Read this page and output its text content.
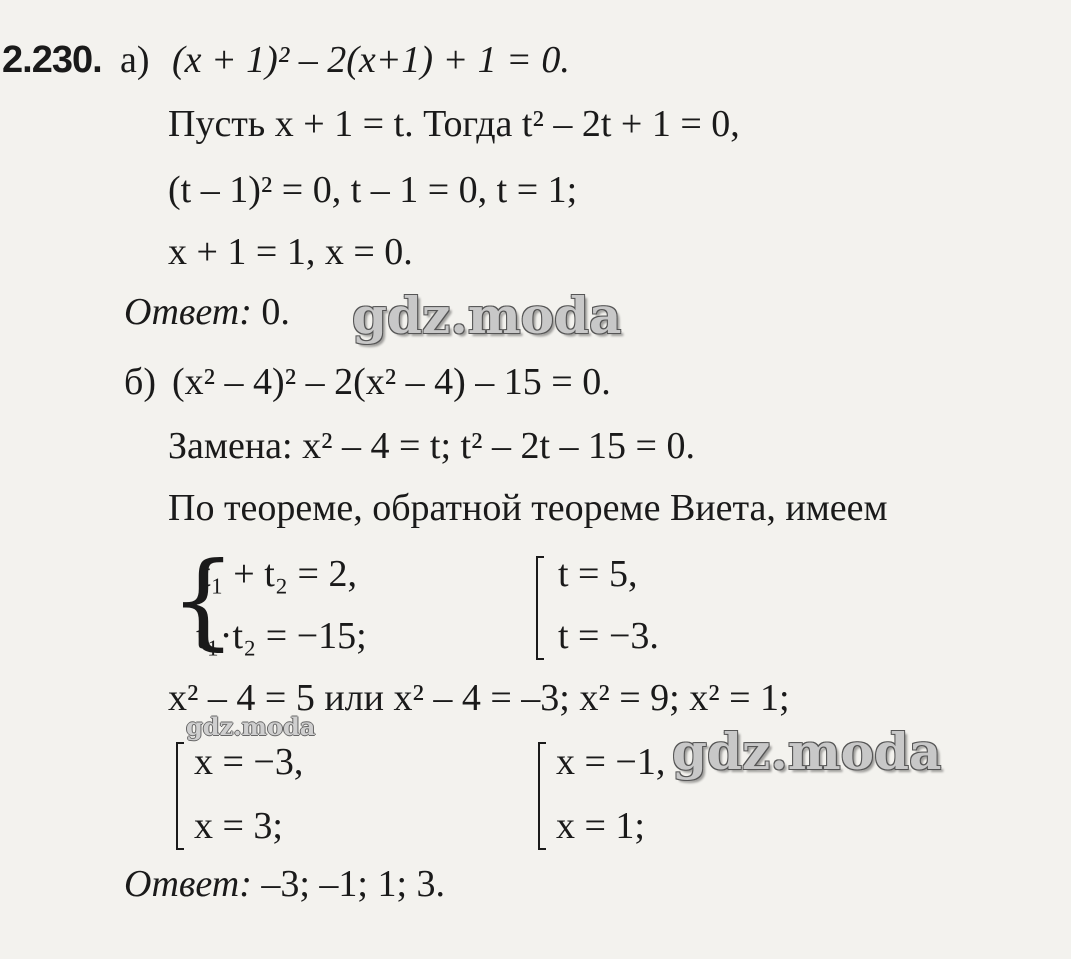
2.230. а) (x + 1)² – 2(x+1) + 1 = 0.
Пусть x + 1 = t. Тогда t² – 2t + 1 = 0,
(t – 1)² = 0, t – 1 = 0, t = 1;
x + 1 = 1, x = 0.
Ответ: 0. gdz.moda
б) (x² – 4)² – 2(x² – 4) – 15 = 0.
Замена: x² – 4 = t; t² – 2t – 15 = 0.
По теореме, обратной теореме Виета, имеем
{
t₁ + t₂ = 2,
t₁·t₂ = −15;
t = 5,
t = −3.
x² – 4 = 5 или x² – 4 = –3; x² = 9; x² = 1;
gdz.moda
x = −3,
x = 3;
x = −1,
x = 1;
gdz.moda
Ответ: –3; –1; 1; 3.
